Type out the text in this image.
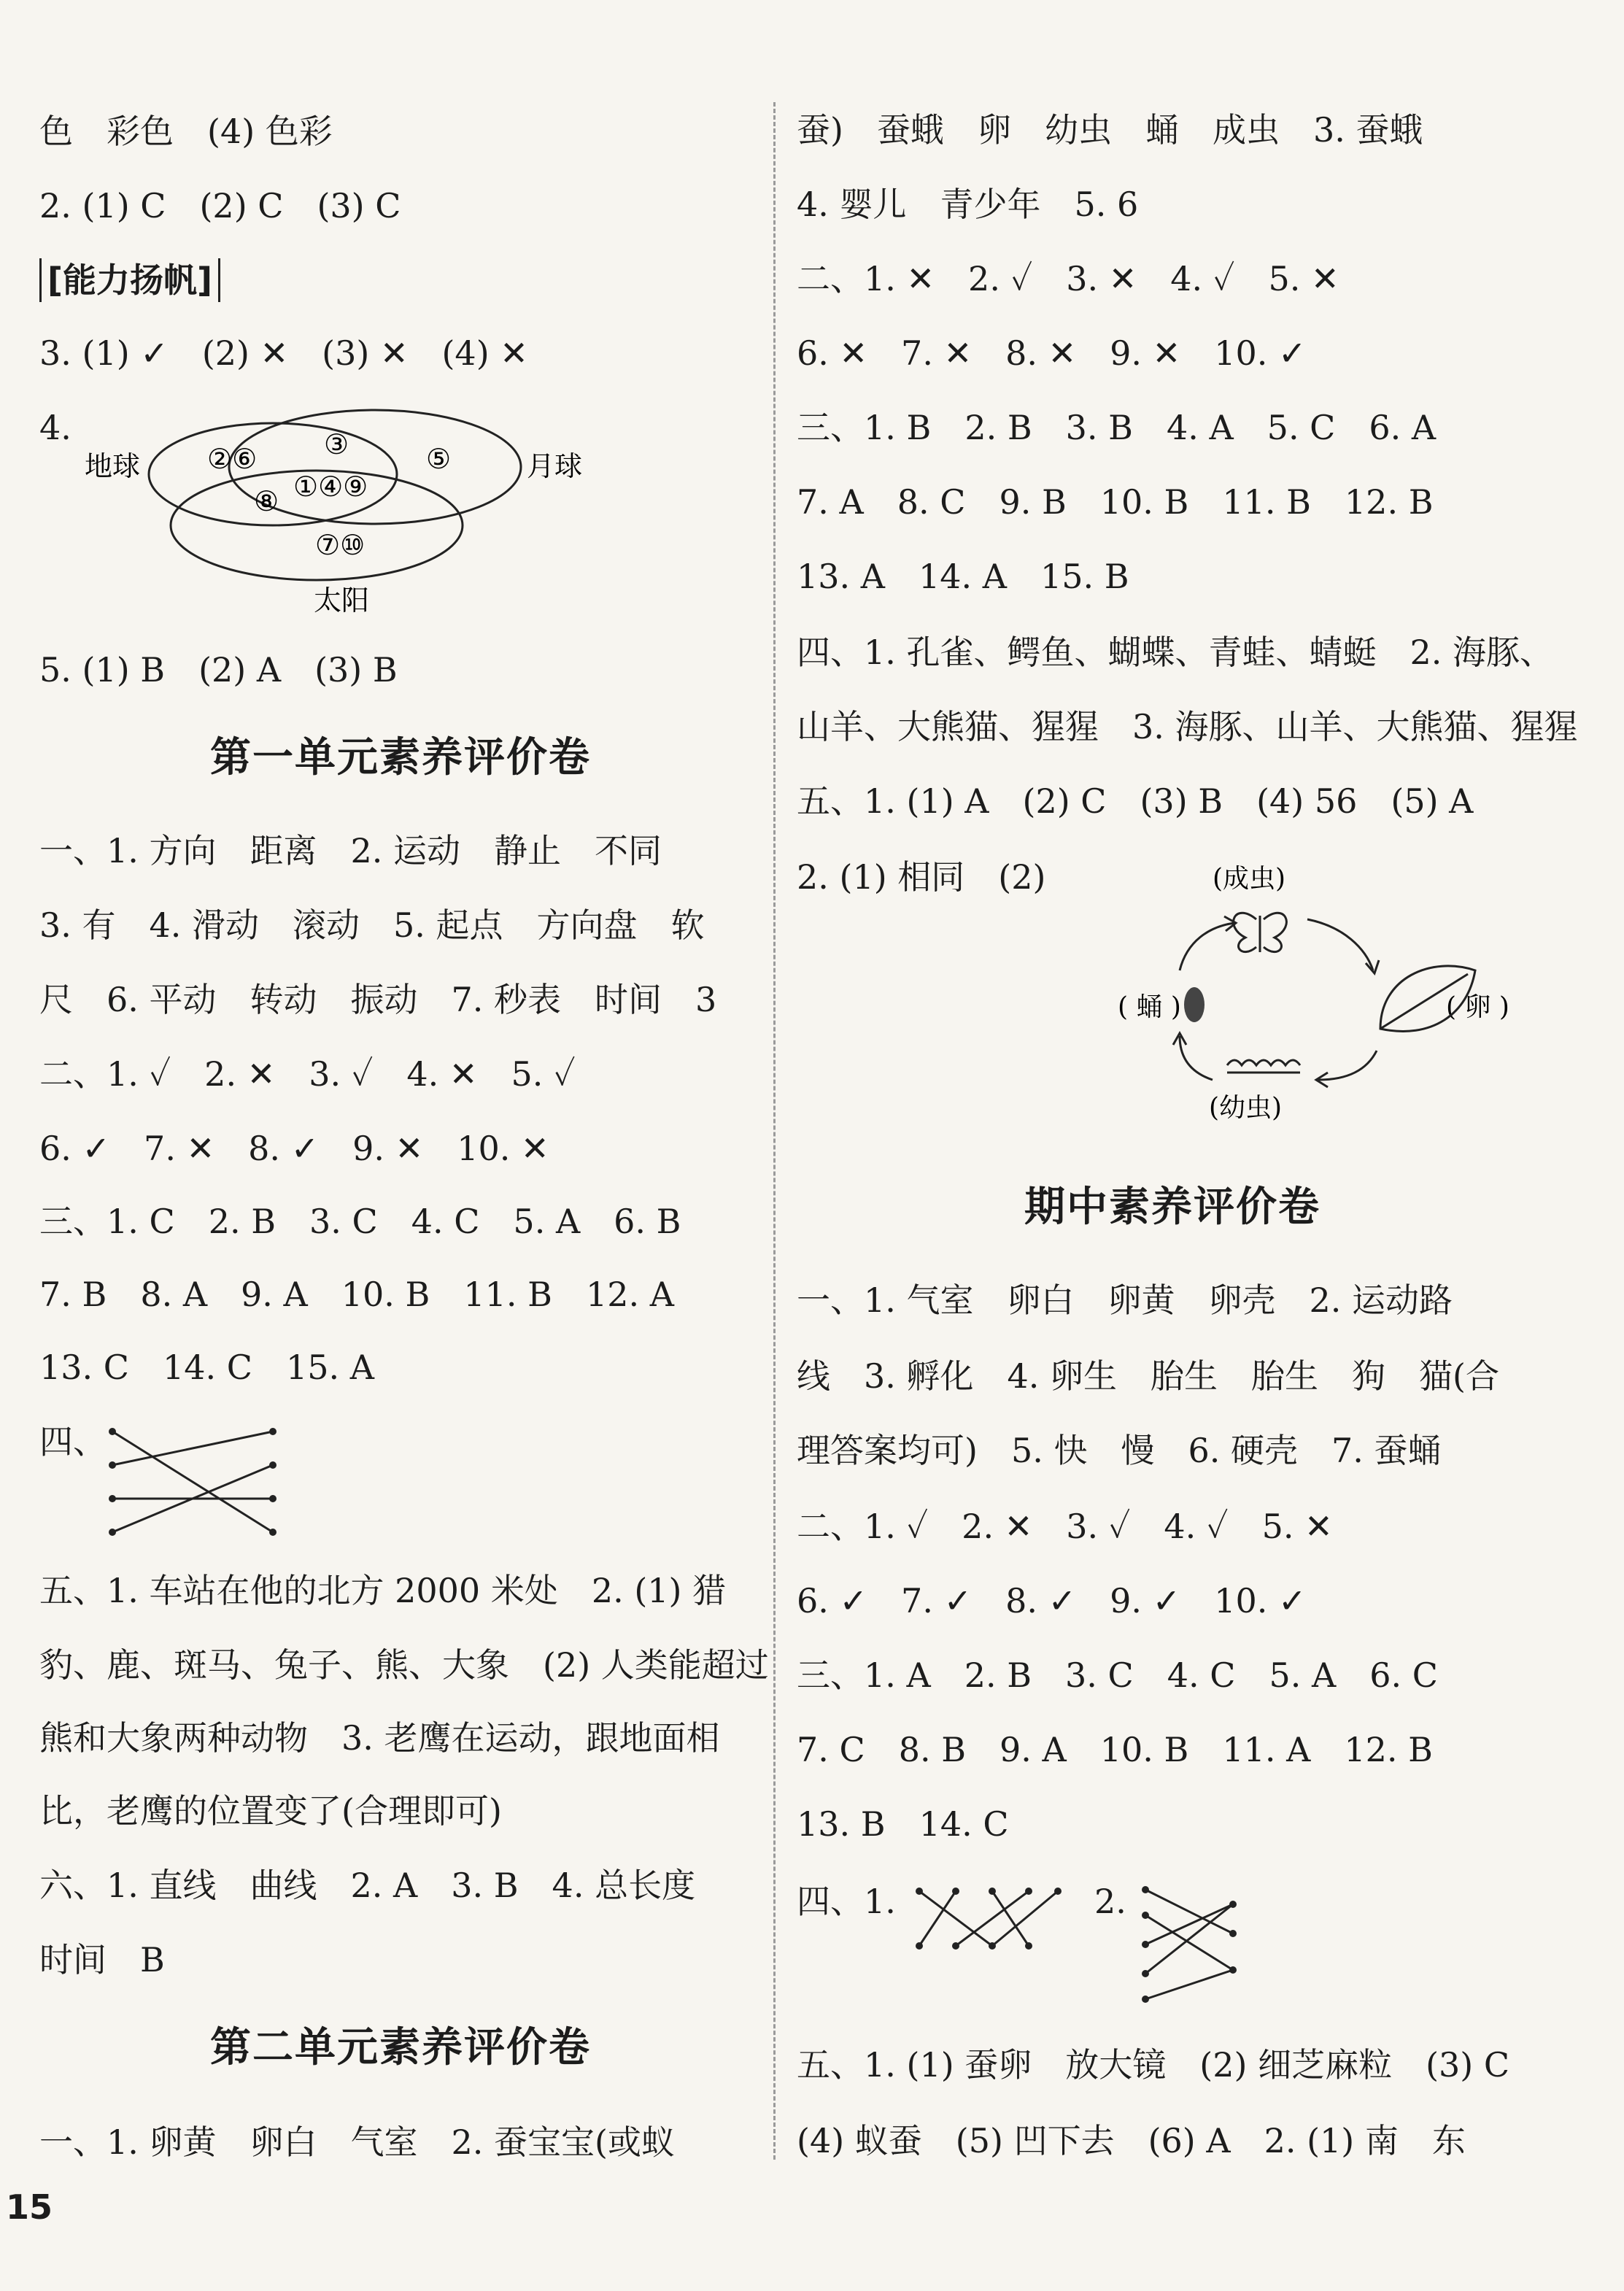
色　彩色　(4) 色彩
2. (1) C　(2) C　(3) C
[能力扬帆]
3. (1) ✓　(2) ✕　(3) ✕　(4) ✕
4.
地球	月球
太阳
②⑥ ③	⑤
①④⑨
⑧
⑦⑩
5. (1) B　(2) A　(3) B
第一单元素养评价卷
一、1. 方向　距离　2. 运动　静止　不同
3. 有　4. 滑动　滚动　5. 起点　方向盘　软
尺　6. 平动　转动　振动　7. 秒表　时间　3
二、1. ✓　2. ✕　3. ✓　4. ✕　5. ✓
6. ✓　7. ✕　8. ✓　9. ✕　10. ✕
三、1. C　2. B　3. C　4. C　5. A　6. B
7. B　8. A　9. A　10. B　11. B　12. A
13. C　14. C　15. A
四、
五、1. 车站在他的北方 2000 米处　2. (1) 猎
豹、鹿、斑马、兔子、熊、大象　(2) 人类能超过
熊和大象两种动物　3. 老鹰在运动，跟地面相
比，老鹰的位置变了(合理即可)
六、1. 直线　曲线　2. A　3. B　4. 总长度
时间　B
第二单元素养评价卷
一、1. 卵黄　卵白　气室　2. 蚕宝宝(或蚁
蚕)　蚕蛾　卵　幼虫　蛹　成虫　3. 蚕蛾
4. 婴儿　青少年　5. 6
二、1. ✕　2. ✓　3. ✕　4. ✓　5. ✕
6. ✕　7. ✕　8. ✕　9. ✕　10. ✓
三、1. B　2. B　3. B　4. A　5. C　6. A
7. A　8. C　9. B　10. B　11. B　12. B
13. A　14. A　15. B
四、1. 孔雀、鳄鱼、蝴蝶、青蛙、蜻蜓　2. 海豚、
山羊、大熊猫、猩猩　3. 海豚、山羊、大熊猫、猩猩
五、1. (1) A　(2) C　(3) B　(4) 56　(5) A
2. (1) 相同　(2)	(成虫)
( 卵 )
( 蛹 )
(幼虫)
期中素养评价卷
一、1. 气室　卵白　卵黄　卵壳　2. 运动路
线　3. 孵化　4. 卵生　胎生　胎生　狗　猫(合
理答案均可)　5. 快　慢　6. 硬壳　7. 蚕蛹
二、1. ✓　2. ✕　3. ✓　4. ✓　5. ✕
6. ✓　7. ✓　8. ✓　9. ✓　10. ✓
三、1. A　2. B　3. C　4. C　5. A　6. C
7. C　8. B　9. A　10. B　11. A　12. B
13. B　14. C
四、1.	2.
五、1. (1) 蚕卵　放大镜　(2) 细芝麻粒　(3) C
(4) 蚁蚕　(5) 凹下去　(6) A　2. (1) 南　东
15
